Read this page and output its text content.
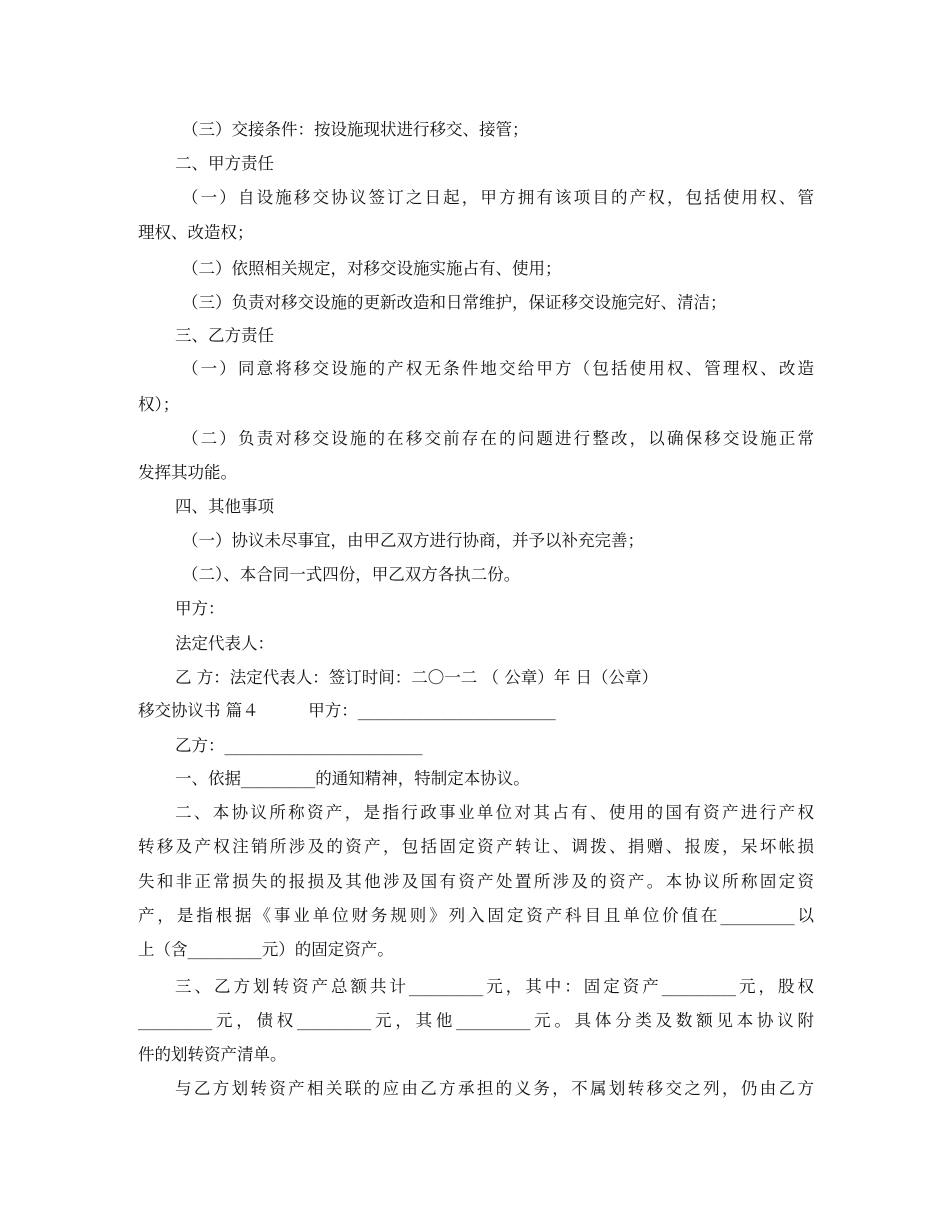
（三）交接条件：按设施现状进行移交、接管；
二、甲方责任
（一）自设施移交协议签订之日起，甲方拥有该项目的产权，包括使用权、管
理权、改造权；
（二）依照相关规定，对移交设施实施占有、使用；
（三）负责对移交设施的更新改造和日常维护，保证移交设施完好、清洁；
三、乙方责任
（一）同意将移交设施的产权无条件地交给甲方（包括使用权、管理权、改造
权）；
（二）负责对移交设施的在移交前存在的问题进行整改，以确保移交设施正常
发挥其功能。
四、其他事项
（一）协议未尽事宜，由甲乙双方进行协商，并予以补充完善；
（二）、本合同一式四份，甲乙双方各执二份。
甲方：
法定代表人：
乙 方：法定代表人：签订时间：二〇一二 （ 公章）年 日（公章）
移交协议书 篇４　　　甲方：________________________
乙方：________________________
一、依据_________的通知精神，特制定本协议。
二、本协议所称资产，是指行政事业单位对其占有、使用的国有资产进行产权
转移及产权注销所涉及的资产，包括固定资产转让、调拨、捐赠、报废，呆坏帐损
失和非正常损失的报损及其他涉及国有资产处置所涉及的资产。本协议所称固定资
产，是指根据《事业单位财务规则》列入固定资产科目且单位价值在_________以
上（含_________元）的固定资产。
三、乙方划转资产总额共计_________元，其中：固定资产_________元，股权
_________元，债权_________元，其他_________元。具体分类及数额见本协议附
件的划转资产清单。
与乙方划转资产相关联的应由乙方承担的义务，不属划转移交之列，仍由乙方
